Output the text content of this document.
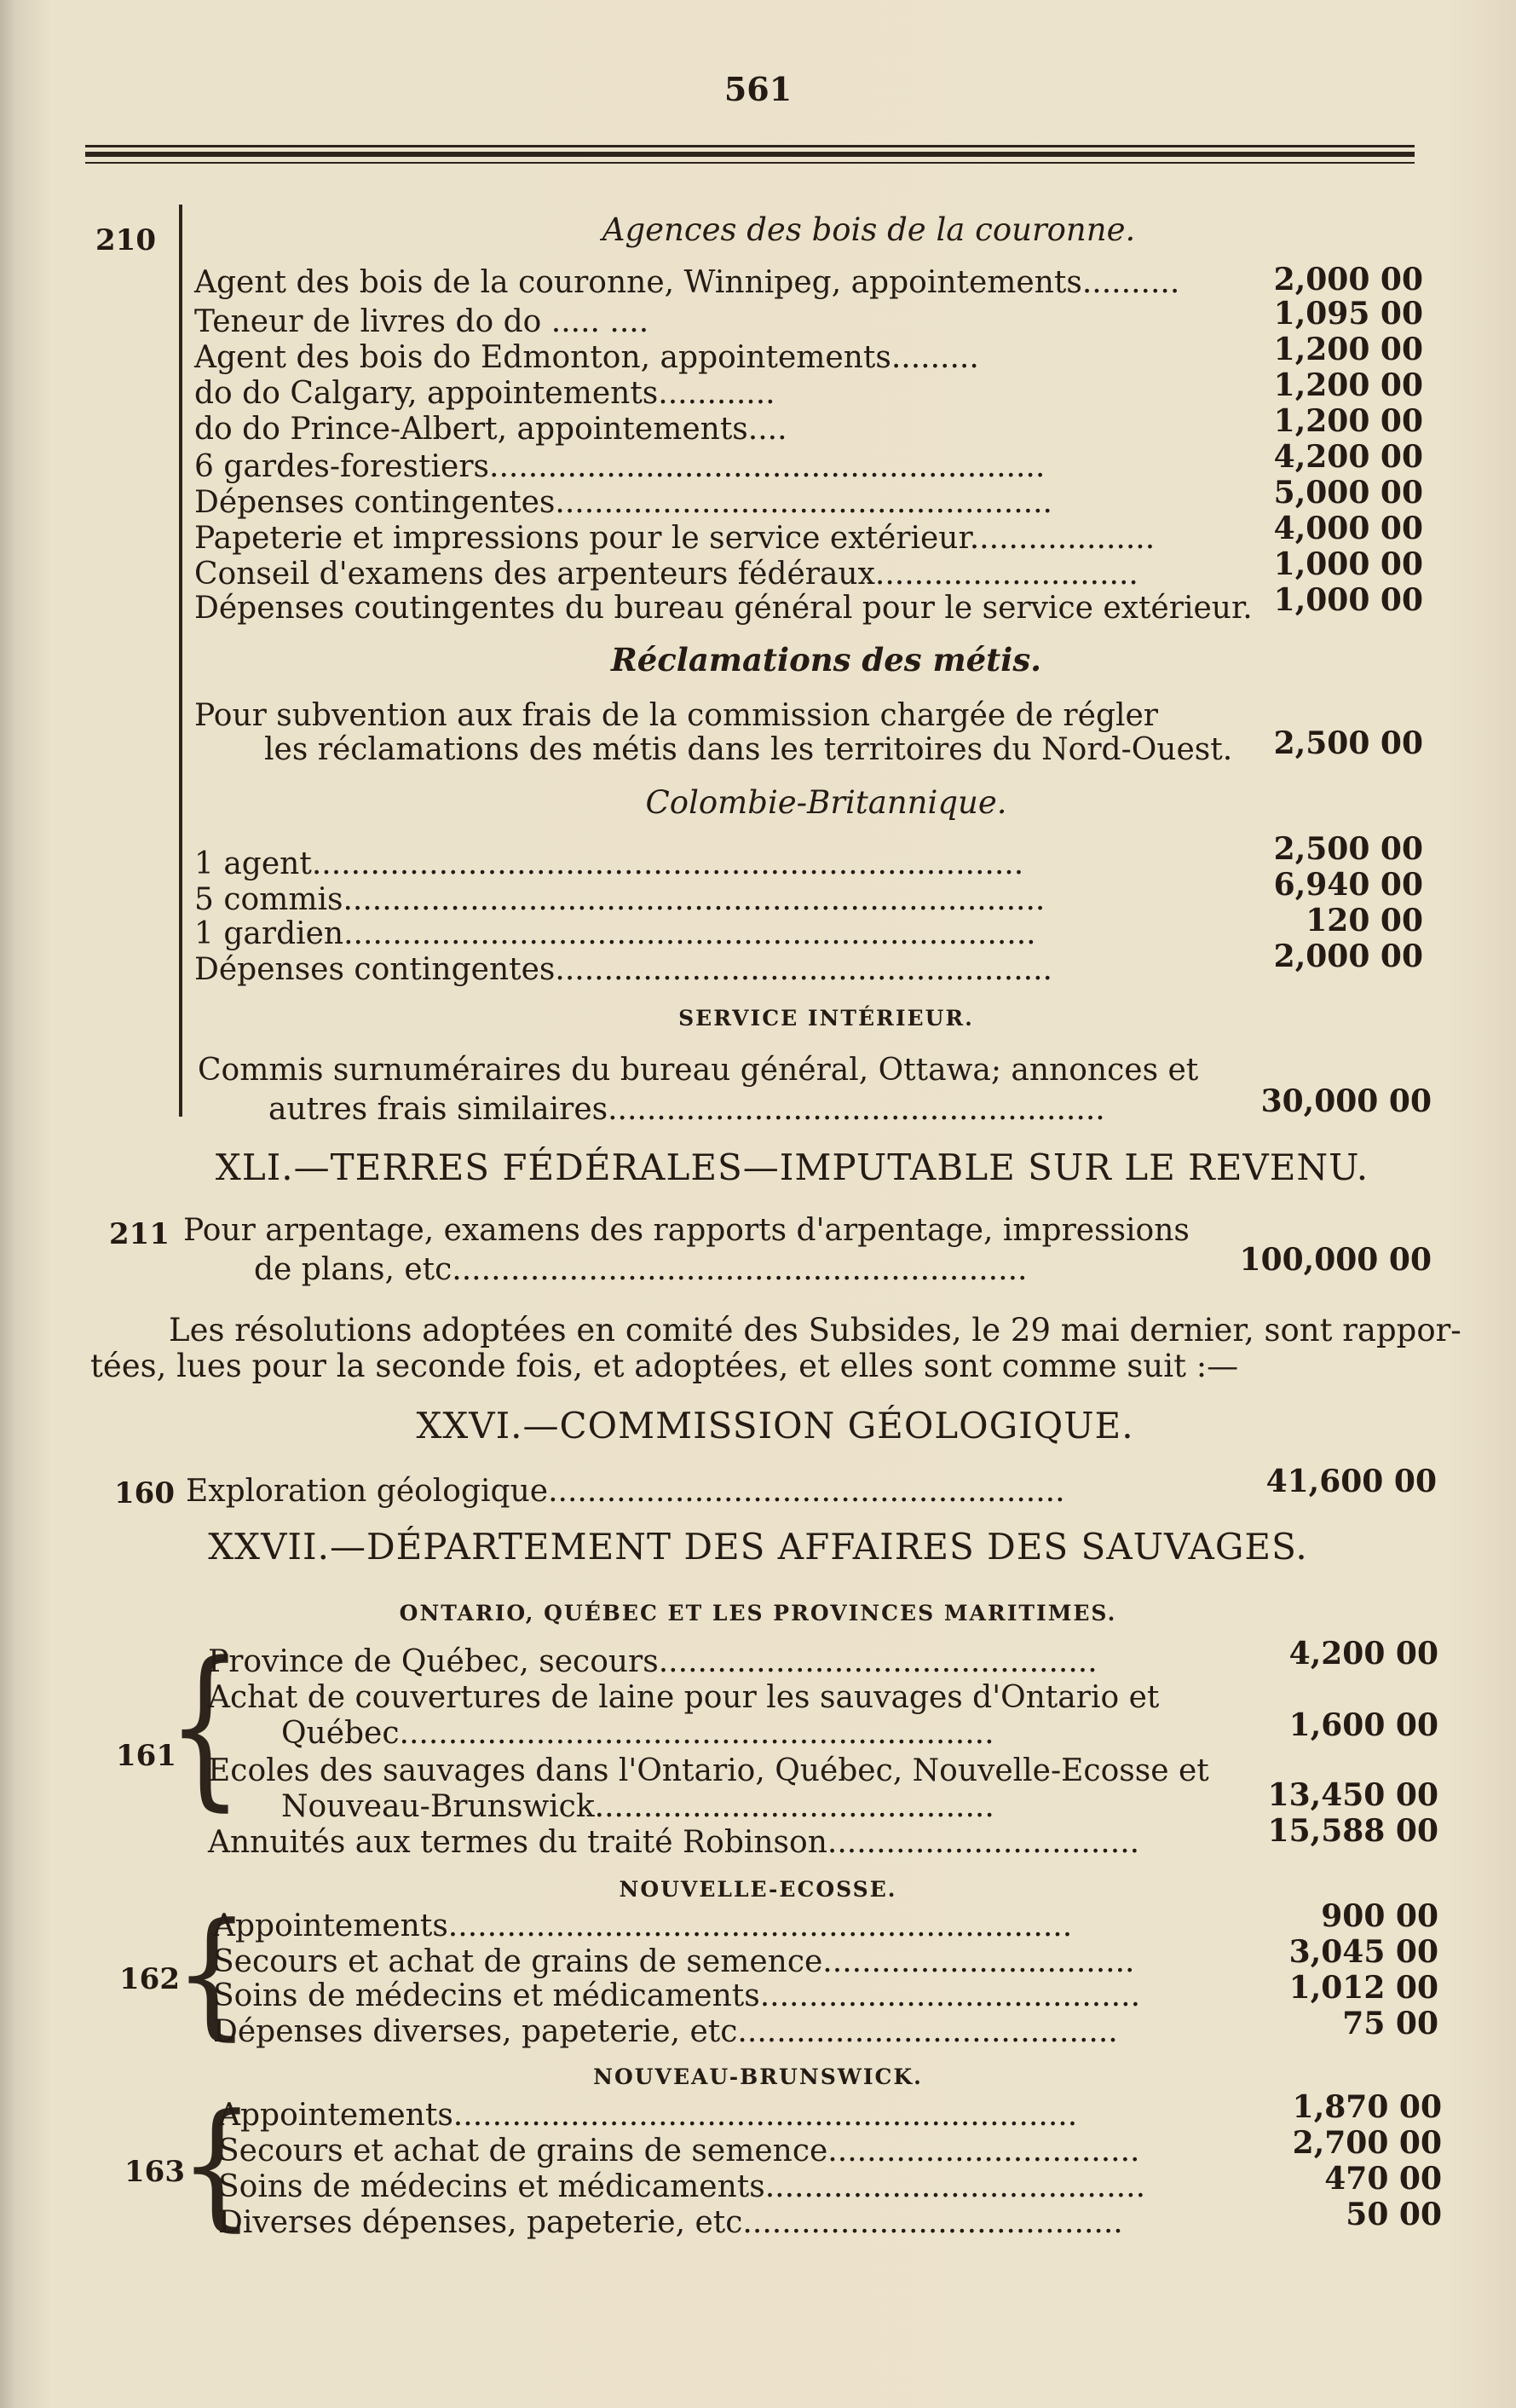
561
210	Agences des bois de la couronne.
Agent des bois de la couronne, Winnipeg, appointements..........	2,000 00
Teneur de livres do do ..... ....	1,095 00
Agent des bois do Edmonton, appointements.........	1,200 00
do do Calgary, appointements............	1,200 00
do do Prince-Albert, appointements....	1,200 00
6 gardes-forestiers.........................................................	4,200 00
Dépenses contingentes...................................................	5,000 00
Papeterie et impressions pour le service extérieur...................	4,000 00
Conseil d'examens des arpenteurs fédéraux...........................	1,000 00
Dépenses coutingentes du bureau général pour le service extérieur. 1,000 00
Réclamations des métis.
Pour subvention aux frais de la commission chargée de régler
les réclamations des métis dans les territoires du Nord-Ouest.	2,500 00
Colombie-Britannique.
1 agent.........................................................................	2,500 00
5 commis........................................................................	6,940 00
1 gardien.......................................................................	120 00
Dépenses contingentes...................................................	2,000 00
SERVICE INTÉRIEUR.
Commis surnuméraires du bureau général, Ottawa; annonces et
autres frais similaires...................................................	30,000 00
XLI.—TERRES FÉDÉRALES—IMPUTABLE SUR LE REVENU.
211 Pour arpentage, examens des rapports d'arpentage, impressions
de plans, etc...........................................................	100,000 00
Les résolutions adoptées en comité des Subsides, le 29 mai dernier, sont rappor-
tées, lues pour la seconde fois, et adoptées, et elles sont comme suit :—
XXVI.—COMMISSION GÉOLOGIQUE.
160 Exploration géologique.....................................................	41,600 00
XXVII.—DÉPARTEMENT DES AFFAIRES DES SAUVAGES.
ONTARIO, QUÉBEC ET LES PROVINCES MARITIMES.
161
{
Province de Québec, secours.............................................	4,200 00
Achat de couvertures de laine pour les sauvages d'Ontario et
Québec.............................................................	1,600 00
Ecoles des sauvages dans l'Ontario, Québec, Nouvelle-Ecosse et
Nouveau-Brunswick.........................................	13,450 00
Annuités aux termes du traité Robinson................................	15,588 00
NOUVELLE-ECOSSE.
162
{
Appointements................................................................	900 00
Secours et achat de grains de semence................................	3,045 00
Soins de médecins et médicaments.......................................	1,012 00
Dépenses diverses, papeterie, etc.......................................	75 00
NOUVEAU-BRUNSWICK.
163
{
Appointements................................................................	1,870 00
Secours et achat de grains de semence................................	2,700 00
Soins de médecins et médicaments.......................................	470 00
Diverses dépenses, papeterie, etc.......................................	50 00
